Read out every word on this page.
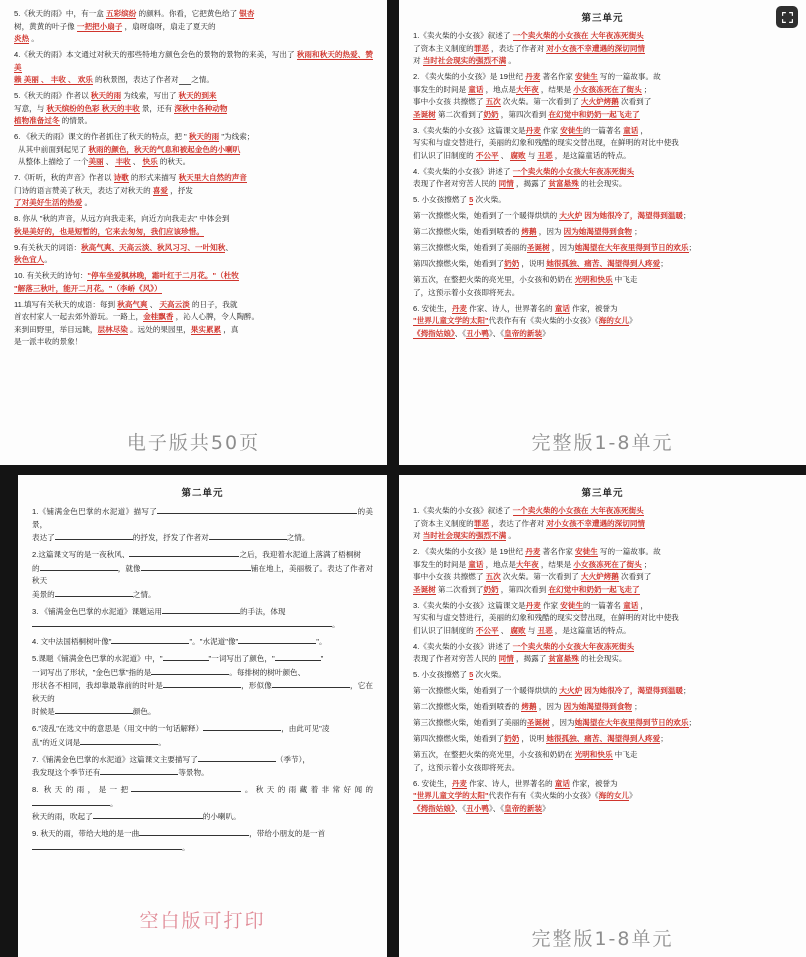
5.《秋天的雨》中，有一盒 五彩缤纷 的颜料。你看，它把黄色给了 银杏
树，黄黄的叶子像 一把把小扇子 ，扇呀扇呀，扇走了夏天的
炎热 。

4.《秋天的雨》本文通过对秋天的那些特地方颜色会色的景物的景物的来美，写出了 秋雨和秋天的热爱、赞美
赖 美丽 、 丰收 、 欢乐 的秋景图，表达了作者对 之情。

5.《秋天的雨》作者以 秋天的雨 为线索，写出了 秋天的到来
写意，与 秋天缤纷的色彩 秋天的丰收 景，还有 深秋中各种动物
植物准备过冬 的情景。

6. 《秋天的雨》课文的作者抓住了秋天的特点，把 " 秋天的雨 "为线索；
从其中前面到起见了 秋雨的颜色，秋天的气息和被起金色的小喇叭
从整体上描绘了 一个美丽 、 丰收 、 快乐 的秋天。

7.《听听，秋的声音》作者以 诗歌 的形式来描写 秋天里大自然的声音
门诗的语言赞美了秋天，表达了对秋天的 喜爱 ，抒发
了对美好生活的热爱 。

8. 你从 "秋的声音，从远方向我走来，向近方向我走去" 中体会到
秋是美好的，也是短暂的，它来去匆匆，我们应该珍惜。

9.有关秋天的词语：秋高气爽、天高云淡、秋风习习、一叶知秋、
秋色宜人。

10. 有关秋天的诗句："停车坐爱枫林晚，霜叶红于二月花。"（杜牧
"解落三秋叶，能开二月花。"（李峤《风》）

11.填写有关秋天的成语：每到 秋高气爽 、 天高云淡 的日子，我就
首农村家人一起去郊外游玩。一路上，金桂飘香 ，沁人心脾，令人陶醉。
来到田野里，举目远眺，层林尽染 。远处的果园里，果实累累 ，真
是一派丰收的景象！

电子版共50页
第三单元

1.《卖火柴的小女孩》叙述了 一个卖火柴的小女孩在 大年夜冻死街头
了资本主义制度的罪恶 ，表达了作者对 对小女孩不幸遭遇的深切同情
对 当时社会现实的强烈不满 。

2. 《卖火柴的小女孩》是 19世纪 丹麦 著名作家 安徒生 写的一篇故事。故
事发生的时间是 童话 ，地点是大年夜 ，结果是 小女孩冻死在了街头 ；
事中小女孩 共擦燃了 五次 次火柴。第一次看到了 大火炉烤鹅 次看到了
圣诞树 第二次看到了奶奶 ，第四次看到 在幻觉中和奶奶一起飞走了

3.《卖火柴的小女孩》这篇课文是丹麦 作家 安徒生的一篇著名 童话 ，
写实和与虚交替进行，美丽的幻象和残酷的现实交替出现，在鲜明的对比中使我
们认识了旧制度的 不公平 、 腐败 与 丑恶 ，是这篇童话的特点。

4.《卖火柴的小女孩》讲述了 一个卖火柴的小女孩大年夜冻死街头
表现了作者对穷苦人民的 同情 ，揭露了 贫富悬殊 的社会现实。

5. 小女孩擦燃了 5 次火柴。

第一次擦燃火柴，她看到了一个暖得烘烘的 大火炉 因为她很冷了，渴望得到温暖；

第二次擦燃火柴，她看到喷香的 烤鹅 ，因为 因为她渴望得到食物 ；

第三次擦燃火柴，她看到了美丽的圣诞树 ，因为她渴望在大年夜里得到节日的欢乐；

第四次擦燃火柴，她看到了奶奶 ，说明 她很孤独、痛苦、渴望得到人疼爱；

第五次，在整把火柴的亮光里，小女孩和奶奶在 光明和快乐 中飞走
了，这预示着小女孩即将死去。

6. 安徒生，丹麦 作家、诗人，世界著名的 童话 作家，被誉为
"世界儿童文学的太阳"代表作有有《卖火柴的小女孩》《海的女儿》
《拇指姑娘》、《丑小鸭》、《皇帝的新装》

完整版1-8单元
第二单元

1.《铺满金色巴掌的水泥道》描写了	的美景，
表达了	的抒发，抒发了作者对	之情。

2.这篇课文写的是一夜秋风、	之后，我迎着水泥道上落满了梧桐树
的	，就像	铺在地上，美丽极了。表达了作者对秋天
美景的	之情。

3. 《铺满金色巴掌的水泥道》课题运用	的手法，体现
。

4. 文中法国梧桐树叶像"	"。"水泥道"像"	"。

5.课题《铺满金色巴掌的水泥道》中，"	"一词写出了颜色，"	"
一词写出了形状，"金色巴掌"指的是	。每排树的树叶颜色、
形状各不相同，我却靠最靠前的时叶是	，形似像	，它在秋天的
时候是	颜色。

6."凌乱"在选文中的意思是（用文中的一句话解释）	，由此可见"凌
乱"的近义词是	。

7.《铺满金色巴掌的水泥道》这篇课文主要描写了	（季节），
我发现这个季节还有	等景物。

8. 秋天的雨，是一把	。秋天的雨藏着非常好闻的。
秋天的雨，吹起了	的小喇叭。

9. 秋天的雨，带给大地的是一曲	，带给小朋友的是一首
。

空白版可打印
第三单元

1.《卖火柴的小女孩》叙述了 一个卖火柴的小女孩在 大年夜冻死街头
了资本主义制度的罪恶 ，表达了作者对 对小女孩不幸遭遇的深切同情
对 当时社会现实的强烈不满 。

2. 《卖火柴的小女孩》是 19世纪 丹麦 著名作家 安徒生 写的一篇故事。故
事发生的时间是 童话 ，地点是大年夜 ，结果是 小女孩冻死在了街头 ；
事中小女孩 共擦燃了 五次 次火柴。第一次看到了 大火炉烤鹅 次看到了
圣诞树 第二次看到了奶奶 ，第四次看到 在幻觉中和奶奶一起飞走了

3.《卖火柴的小女孩》这篇课文是丹麦 作家 安徒生的一篇著名 童话 ，
写实和与虚交替进行，美丽的幻象和残酷的现实交替出现，在鲜明的对比中使我
们认识了旧制度的 不公平 、 腐败 与 丑恶 ，是这篇童话的特点。

4.《卖火柴的小女孩》讲述了 一个卖火柴的小女孩大年夜冻死街头
表现了作者对穷苦人民的 同情 ，揭露了 贫富悬殊 的社会现实。

5. 小女孩擦燃了 5 次火柴。

第一次擦燃火柴，她看到了一个暖得烘烘的 大火炉 因为她很冷了，渴望得到温暖；

第二次擦燃火柴，她看到喷香的 烤鹅 ，因为 因为她渴望得到食物 ；

第三次擦燃火柴，她看到了美丽的圣诞树 ，因为她渴望在大年夜里得到节日的欢乐；

第四次擦燃火柴，她看到了奶奶 ，说明 她很孤独、痛苦、渴望得到人疼爱；

第五次，在整把火柴的亮光里，小女孩和奶奶在 光明和快乐 中飞走
了，这预示着小女孩即将死去。

6. 安徒生，丹麦 作家、诗人，世界著名的 童话 作家，被誉为
"世界儿童文学的太阳"代表作有有《卖火柴的小女孩》《海的女儿》
《拇指姑娘》、《丑小鸭》、《皇帝的新装》

完整版1-8单元
